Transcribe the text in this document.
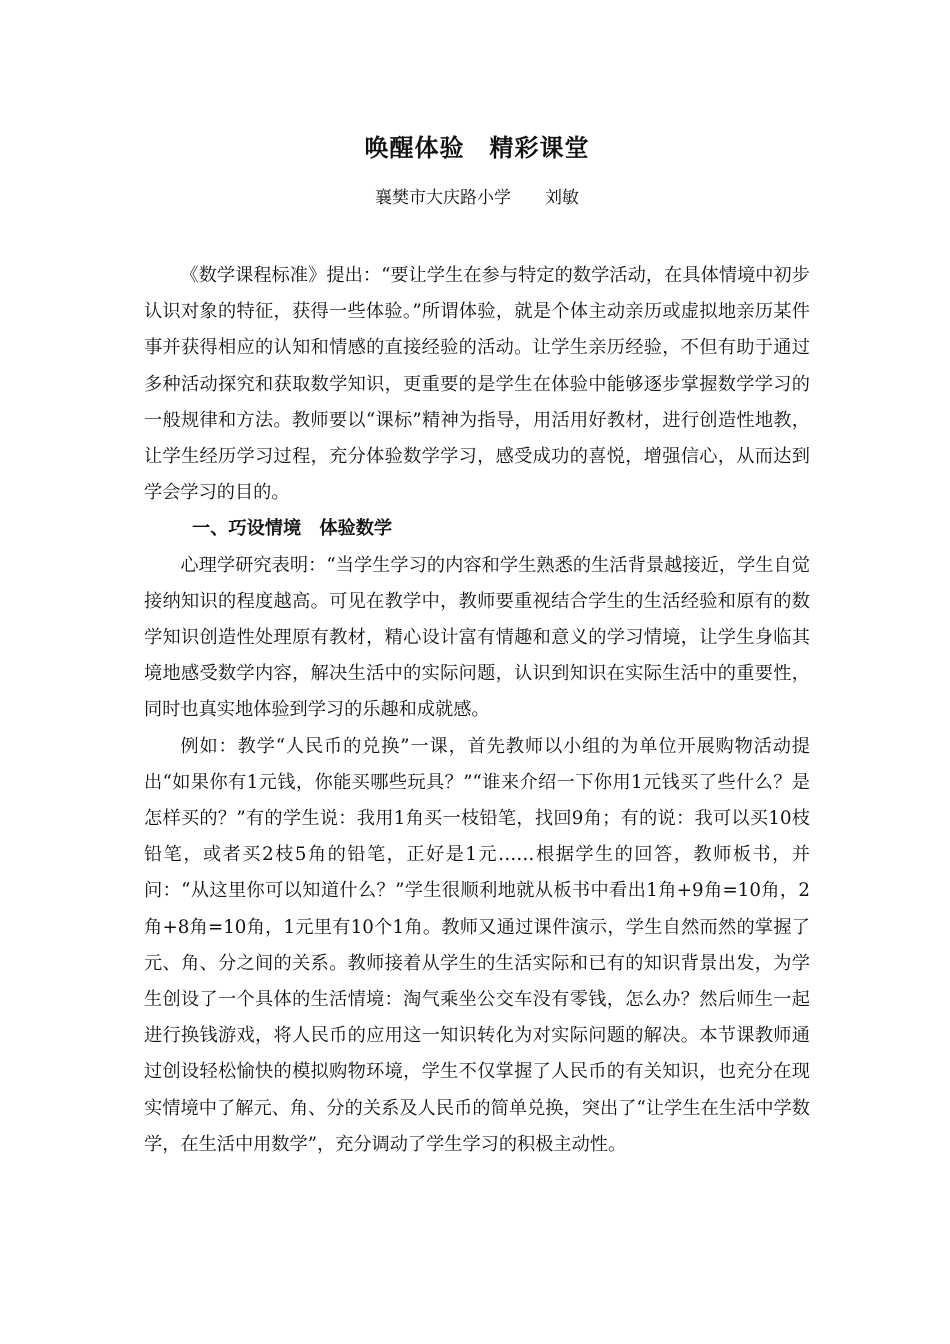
唤醒体验　精彩课堂

襄樊市大庆路小学　　刘敏

《数学课程标准》提出：“要让学生在参与特定的数学活动，在具体情境中初步认识对象的特征，获得一些体验。”所谓体验，就是个体主动亲历或虚拟地亲历某件事并获得相应的认知和情感的直接经验的活动。让学生亲历经验，不但有助于通过多种活动探究和获取数学知识，更重要的是学生在体验中能够逐步掌握数学学习的一般规律和方法。教师要以“课标”精神为指导，用活用好教材，进行创造性地教，让学生经历学习过程，充分体验数学学习，感受成功的喜悦，增强信心，从而达到学会学习的目的。

一、巧设情境　体验数学

心理学研究表明：“当学生学习的内容和学生熟悉的生活背景越接近，学生自觉接纳知识的程度越高。可见在教学中，教师要重视结合学生的生活经验和原有的数学知识创造性处理原有教材，精心设计富有情趣和意义的学习情境，让学生身临其境地感受数学内容，解决生活中的实际问题，认识到知识在实际生活中的重要性，同时也真实地体验到学习的乐趣和成就感。

例如：教学“人民币的兑换”一课，首先教师以小组的为单位开展购物活动提出“如果你有1元钱，你能买哪些玩具？”“谁来介绍一下你用1元钱买了些什么？是怎样买的？”有的学生说：我用1角买一枝铅笔，找回9角；有的说：我可以买10枝铅笔，或者买2枝5角的铅笔，正好是1元……根据学生的回答，教师板书，并问：“从这里你可以知道什么？”学生很顺利地就从板书中看出1角+9角=10角，2角+8角=10角，1元里有10个1角。教师又通过课件演示，学生自然而然的掌握了元、角、分之间的关系。教师接着从学生的生活实际和已有的知识背景出发，为学生创设了一个具体的生活情境：淘气乘坐公交车没有零钱，怎么办？然后师生一起进行换钱游戏，将人民币的应用这一知识转化为对实际问题的解决。本节课教师通过创设轻松愉快的模拟购物环境，学生不仅掌握了人民币的有关知识，也充分在现实情境中了解元、角、分的关系及人民币的简单兑换，突出了“让学生在生活中学数学，在生活中用数学”，充分调动了学生学习的积极主动性。
